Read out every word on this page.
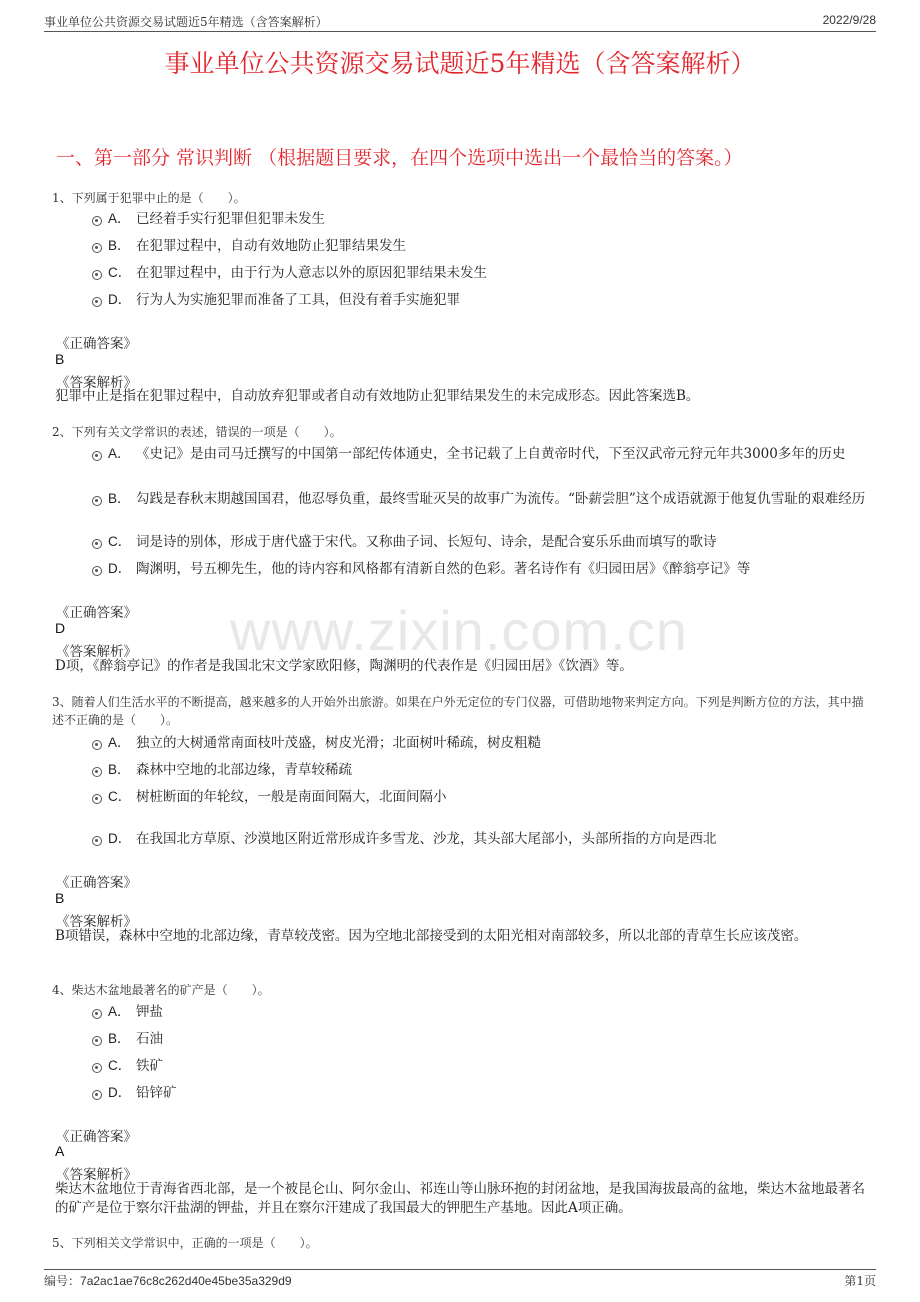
事业单位公共资源交易试题近5年精选（含答案解析）	2022/9/28
事业单位公共资源交易试题近5年精选（含答案解析）
一、第一部分 常识判断 （根据题目要求，在四个选项中选出一个最恰当的答案。）
www.zixin.com.cn
1、下列属于犯罪中止的是（　　）。
A． 已经着手实行犯罪但犯罪未发生
B． 在犯罪过程中，自动有效地防止犯罪结果发生
C． 在犯罪过程中，由于行为人意志以外的原因犯罪结果未发生
D． 行为人为实施犯罪而准备了工具，但没有着手实施犯罪
《正确答案》
B
《答案解析》
犯罪中止是指在犯罪过程中，自动放弃犯罪或者自动有效地防止犯罪结果发生的未完成形态。因此答案选B。
2、下列有关文学常识的表述，错误的一项是（　　）。
A． 《史记》是由司马迁撰写的中国第一部纪传体通史，全书记载了上自黄帝时代，下至汉武帝元狩元年共3000多年的历史
B． 勾践是春秋末期越国国君，他忍辱负重，最终雪耻灭吴的故事广为流传。“卧薪尝胆”这个成语就源于他复仇雪耻的艰难经历
C． 词是诗的别体，形成于唐代盛于宋代。又称曲子词、长短句、诗余，是配合宴乐乐曲而填写的歌诗
D． 陶渊明，号五柳先生，他的诗内容和风格都有清新自然的色彩。著名诗作有《归园田居》《醉翁亭记》等
《正确答案》
D
《答案解析》
D项，《醉翁亭记》的作者是我国北宋文学家欧阳修，陶渊明的代表作是《归园田居》《饮酒》等。
3、随着人们生活水平的不断提高，越来越多的人开始外出旅游。如果在户外无定位的专门仪器，可借助地物来判定方向。下列是判断方位的方法，其中描述不正确的是（　　）。
A． 独立的大树通常南面枝叶茂盛，树皮光滑；北面树叶稀疏，树皮粗糙
B． 森林中空地的北部边缘，青草较稀疏
C． 树桩断面的年轮纹，一般是南面间隔大，北面间隔小
D． 在我国北方草原、沙漠地区附近常形成许多雪龙、沙龙，其头部大尾部小，头部所指的方向是西北
《正确答案》
B
《答案解析》
B项错误，森林中空地的北部边缘，青草较茂密。因为空地北部接受到的太阳光相对南部较多，所以北部的青草生长应该茂密。
4、柴达木盆地最著名的矿产是（　　）。
A． 钾盐
B． 石油
C． 铁矿
D． 铅锌矿
《正确答案》
A
《答案解析》
柴达木盆地位于青海省西北部，是一个被昆仑山、阿尔金山、祁连山等山脉环抱的封闭盆地，是我国海拔最高的盆地，柴达木盆地最著名的矿产是位于察尔汗盐湖的钾盐，并且在察尔汗建成了我国最大的钾肥生产基地。因此A项正确。
5、下列相关文学常识中，正确的一项是（　　）。
编号：7a2ac1ae76c8c262d40e45be35a329d9	第1页
